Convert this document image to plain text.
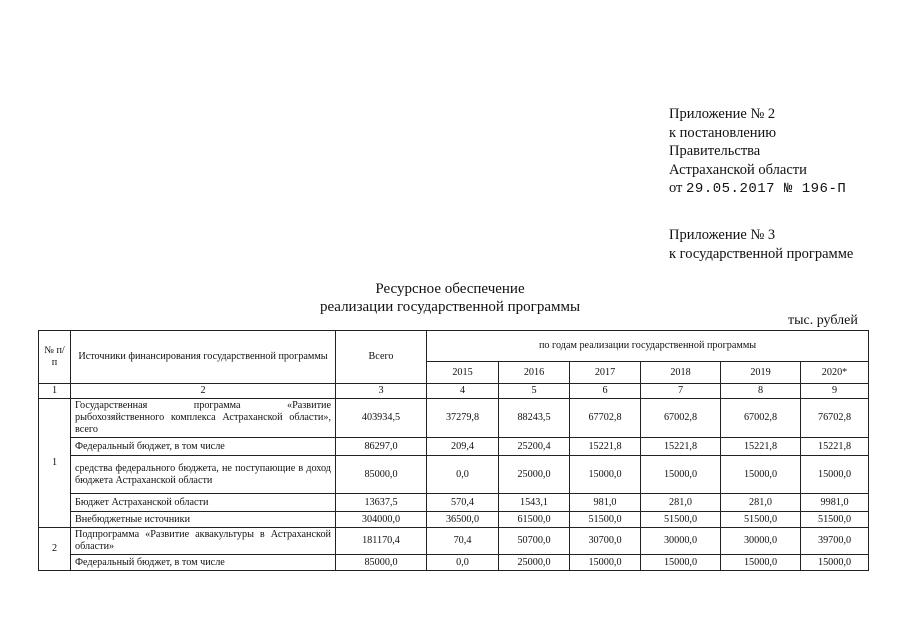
Приложение № 2
к постановлению
Правительства
Астраханской области
от 29.05.2017 № 196-П
Приложение № 3
к государственной программе
Ресурсное обеспечение
реализации государственной программы
тыс. рублей
№ п/п	Источники финансирования государственной программы	Всего	по годам реализации государственной программы					
			2015	2016	2017	2018	2019	2020*
1	2	3	4	5	6	7	8	9
1	Государственная программа «Развитие рыбохозяйственного комплекса Астраханской области», всего	403934,5	37279,8	88243,5	67702,8	67002,8	67002,8	76702,8
	Федеральный бюджет, в том числе	86297,0	209,4	25200,4	15221,8	15221,8	15221,8	15221,8
	средства федерального бюджета, не поступающие в доход бюджета Астраханской области	85000,0	0,0	25000,0	15000,0	15000,0	15000,0	15000,0
	Бюджет Астраханской области	13637,5	570,4	1543,1	981,0	281,0	281,0	9981,0
	Внебюджетные источники	304000,0	36500,0	61500,0	51500,0	51500,0	51500,0	51500,0
2	Подпрограмма «Развитие аквакультуры в Астраханской области»	181170,4	70,4	50700,0	30700,0	30000,0	30000,0	39700,0
	Федеральный бюджет, в том числе	85000,0	0,0	25000,0	15000,0	15000,0	15000,0	15000,0
